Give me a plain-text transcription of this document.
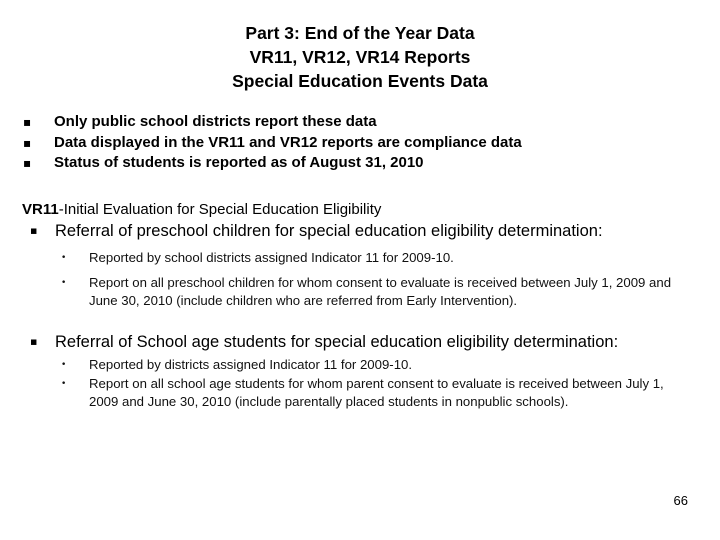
Part 3: End of the Year Data
VR11, VR12, VR14 Reports
Special Education Events Data
▪	Only public school districts report these data
▪	Data displayed in the VR11 and VR12 reports are compliance data
▪	Status of students is reported as of August 31, 2010
VR11-Initial Evaluation for Special Education Eligibility
▪	Referral of preschool children for special education eligibility determination:
•	Reported by school districts assigned Indicator 11 for 2009-10.
•	Report on all preschool children for whom consent to evaluate is received between July 1, 2009 and June 30, 2010 (include children who are referred from Early Intervention).
▪	Referral of School age students for special education eligibility determination:
•	Reported by districts assigned Indicator 11 for 2009-10.
•	Report on all school age students for whom parent consent to evaluate is received between July 1, 2009 and June 30, 2010 (include parentally placed students in nonpublic schools).
66
